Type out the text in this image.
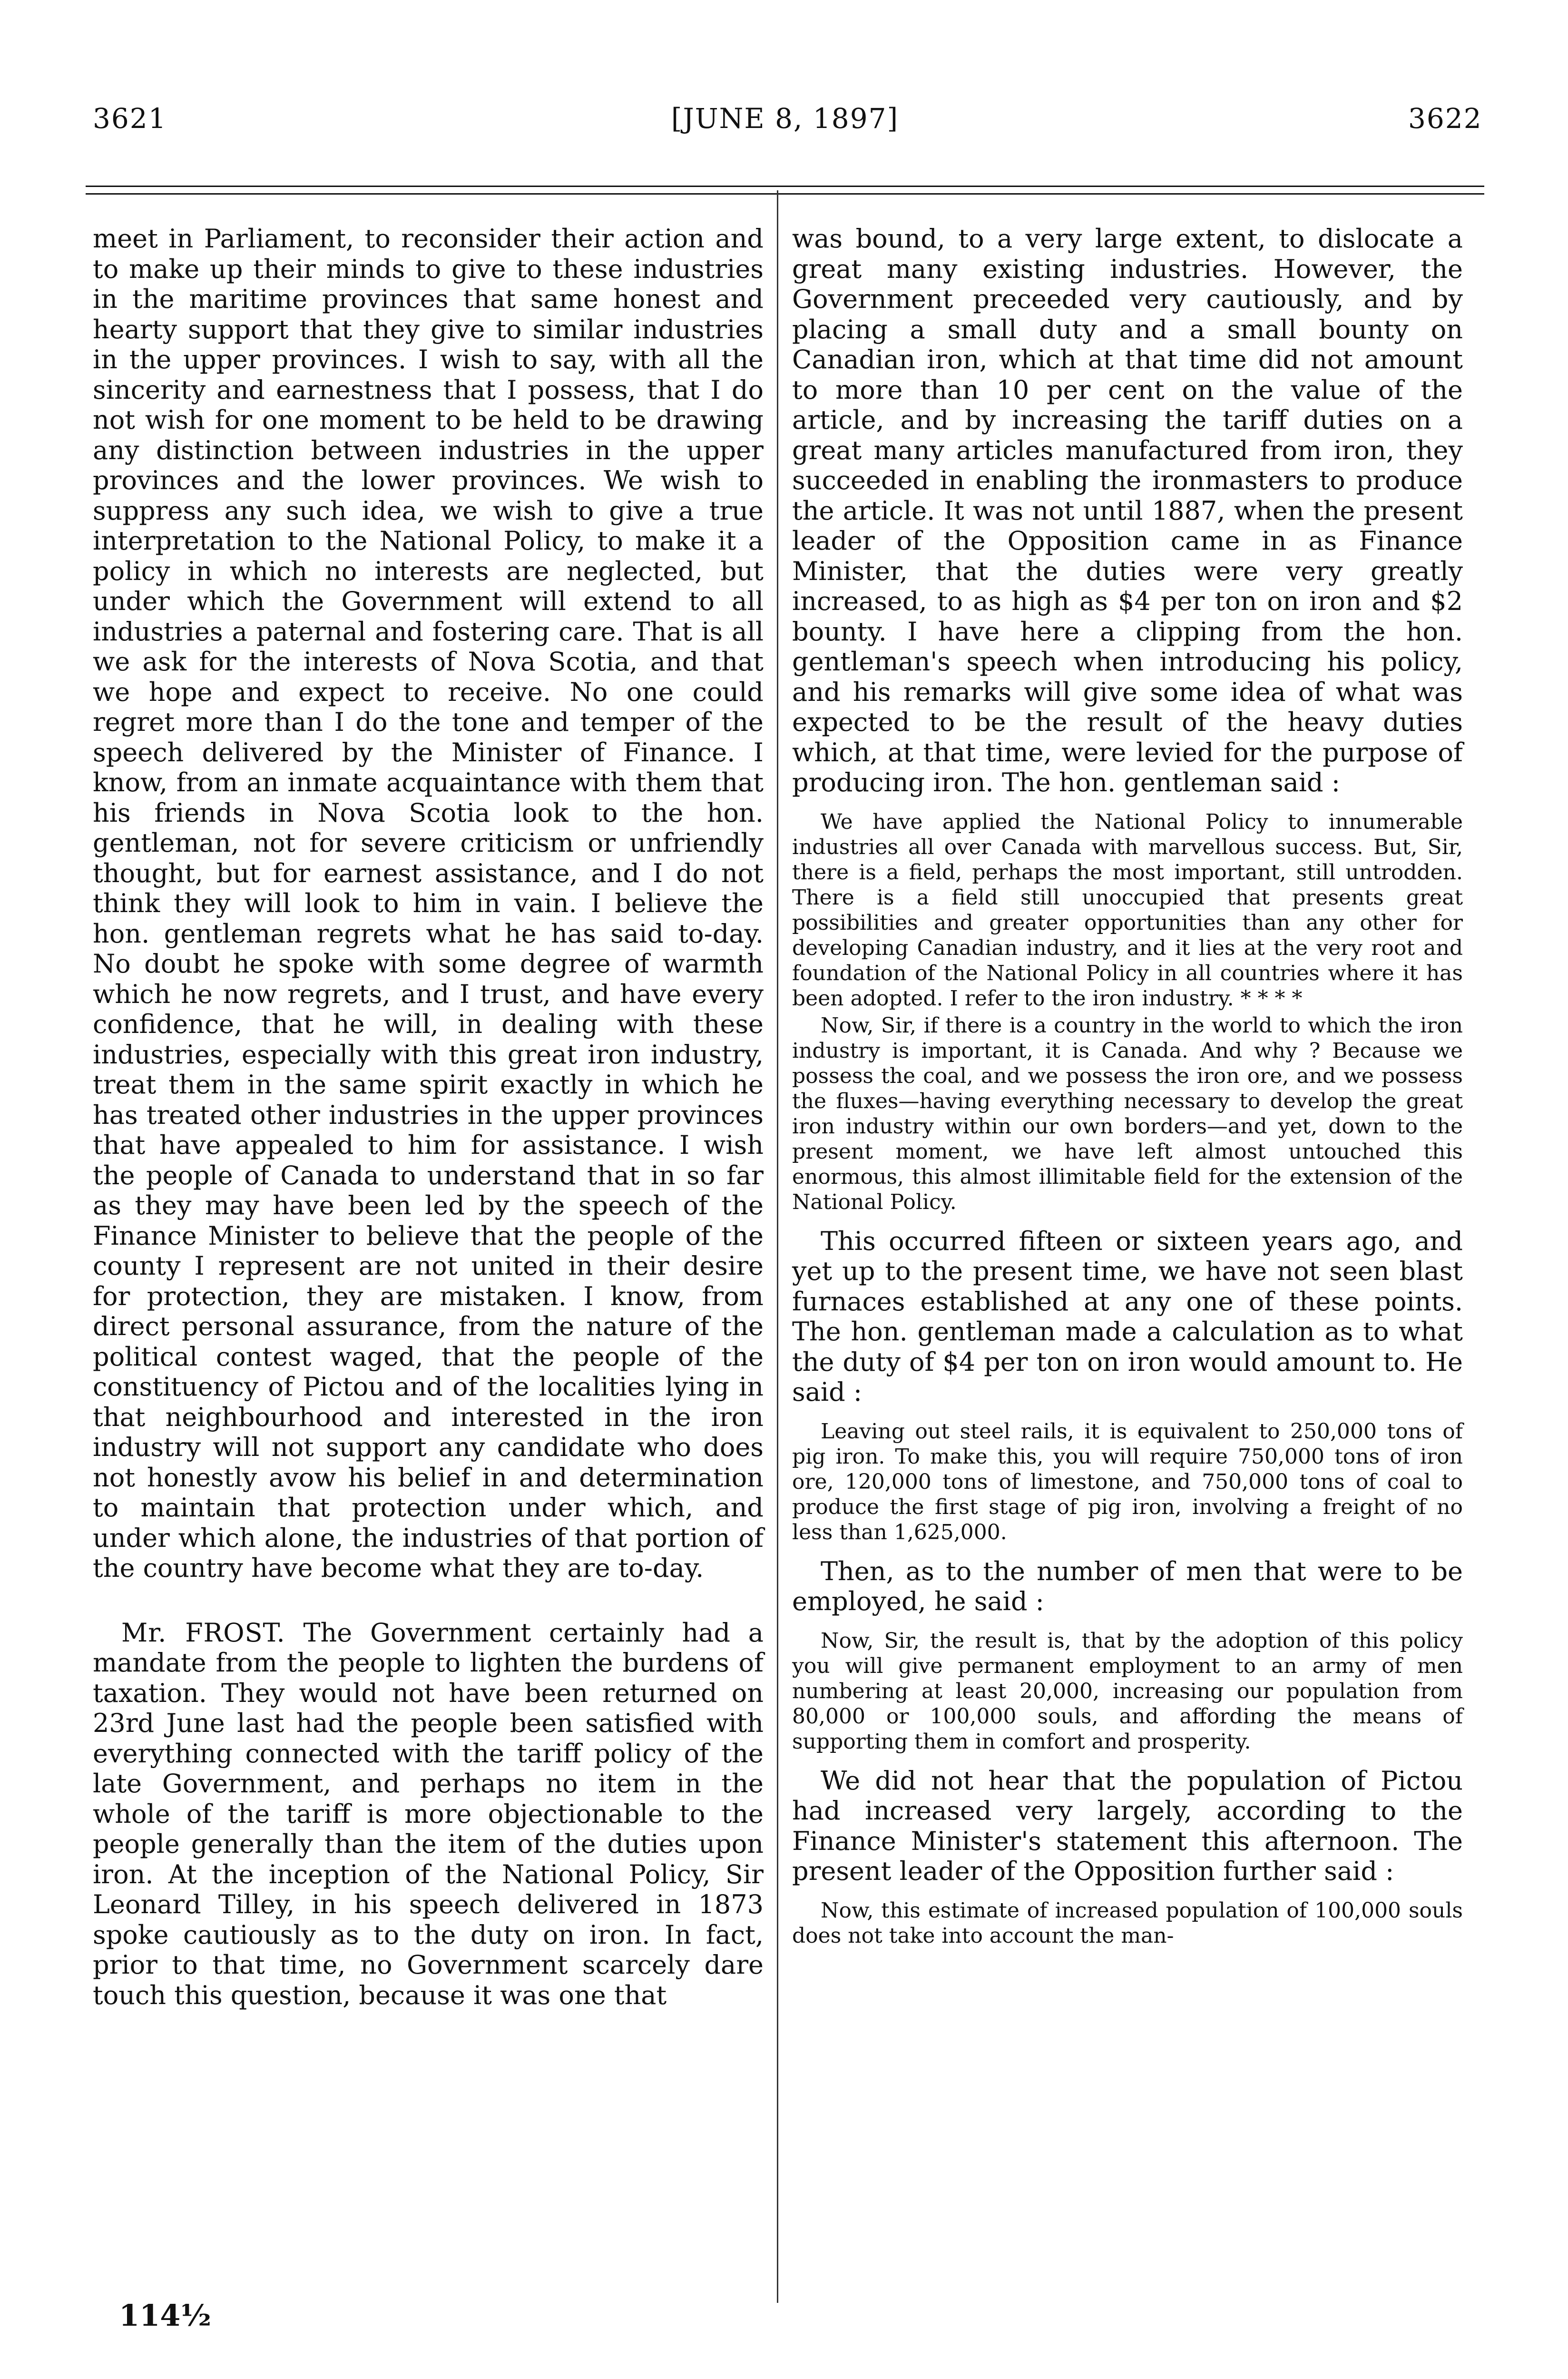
3621	[JUNE 8, 1897]	3622

meet in Parliament, to reconsider their action and to make up their minds to give to these industries in the maritime provinces that same honest and hearty support that they give to similar industries in the upper provinces. I wish to say, with all the sincerity and earnestness that I possess, that I do not wish for one moment to be held to be drawing any distinction between industries in the upper provinces and the lower provinces. We wish to suppress any such idea, we wish to give a true interpretation to the National Policy, to make it a policy in which no interests are neglected, but under which the Government will extend to all industries a paternal and fostering care. That is all we ask for the interests of Nova Scotia, and that we hope and expect to receive. No one could regret more than I do the tone and temper of the speech delivered by the Minister of Finance. I know, from an inmate acquaintance with them that his friends in Nova Scotia look to the hon. gentleman, not for severe criticism or unfriendly thought, but for earnest assistance, and I do not think they will look to him in vain. I believe the hon. gentleman regrets what he has said to-day. No doubt he spoke with some degree of warmth which he now regrets, and I trust, and have every confidence, that he will, in dealing with these industries, especially with this great iron industry, treat them in the same spirit exactly in which he has treated other industries in the upper provinces that have appealed to him for assistance. I wish the people of Canada to understand that in so far as they may have been led by the speech of the Finance Minister to believe that the people of the county I represent are not united in their desire for protection, they are mistaken. I know, from direct personal assurance, from the nature of the political contest waged, that the people of the constituency of Pictou and of the localities lying in that neighbourhood and interested in the iron industry will not support any candidate who does not honestly avow his belief in and determination to maintain that protection under which, and under which alone, the industries of that portion of the country have become what they are to-day.

Mr. FROST. The Government certainly had a mandate from the people to lighten the burdens of taxation. They would not have been returned on 23rd June last had the people been satisfied with everything connected with the tariff policy of the late Government, and perhaps no item in the whole of the tariff is more objectionable to the people generally than the item of the duties upon iron. At the inception of the National Policy, Sir Leonard Tilley, in his speech delivered in 1873 spoke cautiously as to the duty on iron. In fact, prior to that time, no Government scarcely dare touch this question, because it was one that

was bound, to a very large extent, to dislocate a great many existing industries. However, the Government preceeded very cautiously, and by placing a small duty and a small bounty on Canadian iron, which at that time did not amount to more than 10 per cent on the value of the article, and by increasing the tariff duties on a great many articles manufactured from iron, they succeeded in enabling the ironmasters to produce the article. It was not until 1887, when the present leader of the Opposition came in as Finance Minister, that the duties were very greatly increased, to as high as $4 per ton on iron and $2 bounty. I have here a clipping from the hon. gentleman's speech when introducing his policy, and his remarks will give some idea of what was expected to be the result of the heavy duties which, at that time, were levied for the purpose of producing iron. The hon. gentleman said :

We have applied the National Policy to innumerable industries all over Canada with marvellous success. But, Sir, there is a field, perhaps the most important, still untrodden. There is a field still unoccupied that presents great possibilities and greater opportunities than any other for developing Canadian industry, and it lies at the very root and foundation of the National Policy in all countries where it has been adopted. I refer to the iron industry. * * * *

Now, Sir, if there is a country in the world to which the iron industry is important, it is Canada. And why ? Because we possess the coal, and we possess the iron ore, and we possess the fluxes—having everything necessary to develop the great iron industry within our own borders—and yet, down to the present moment, we have left almost untouched this enormous, this almost illimitable field for the extension of the National Policy.

This occurred fifteen or sixteen years ago, and yet up to the present time, we have not seen blast furnaces established at any one of these points. The hon. gentleman made a calculation as to what the duty of $4 per ton on iron would amount to. He said :

Leaving out steel rails, it is equivalent to 250,000 tons of pig iron. To make this, you will require 750,000 tons of iron ore, 120,000 tons of limestone, and 750,000 tons of coal to produce the first stage of pig iron, involving a freight of no less than 1,625,000.

Then, as to the number of men that were to be employed, he said :

Now, Sir, the result is, that by the adoption of this policy you will give permanent employment to an army of men numbering at least 20,000, increasing our population from 80,000 or 100,000 souls, and affording the means of supporting them in comfort and prosperity.

We did not hear that the population of Pictou had increased very largely, according to the Finance Minister's statement this afternoon. The present leader of the Opposition further said :

Now, this estimate of increased population of 100,000 souls does not take into account the man-

114½
